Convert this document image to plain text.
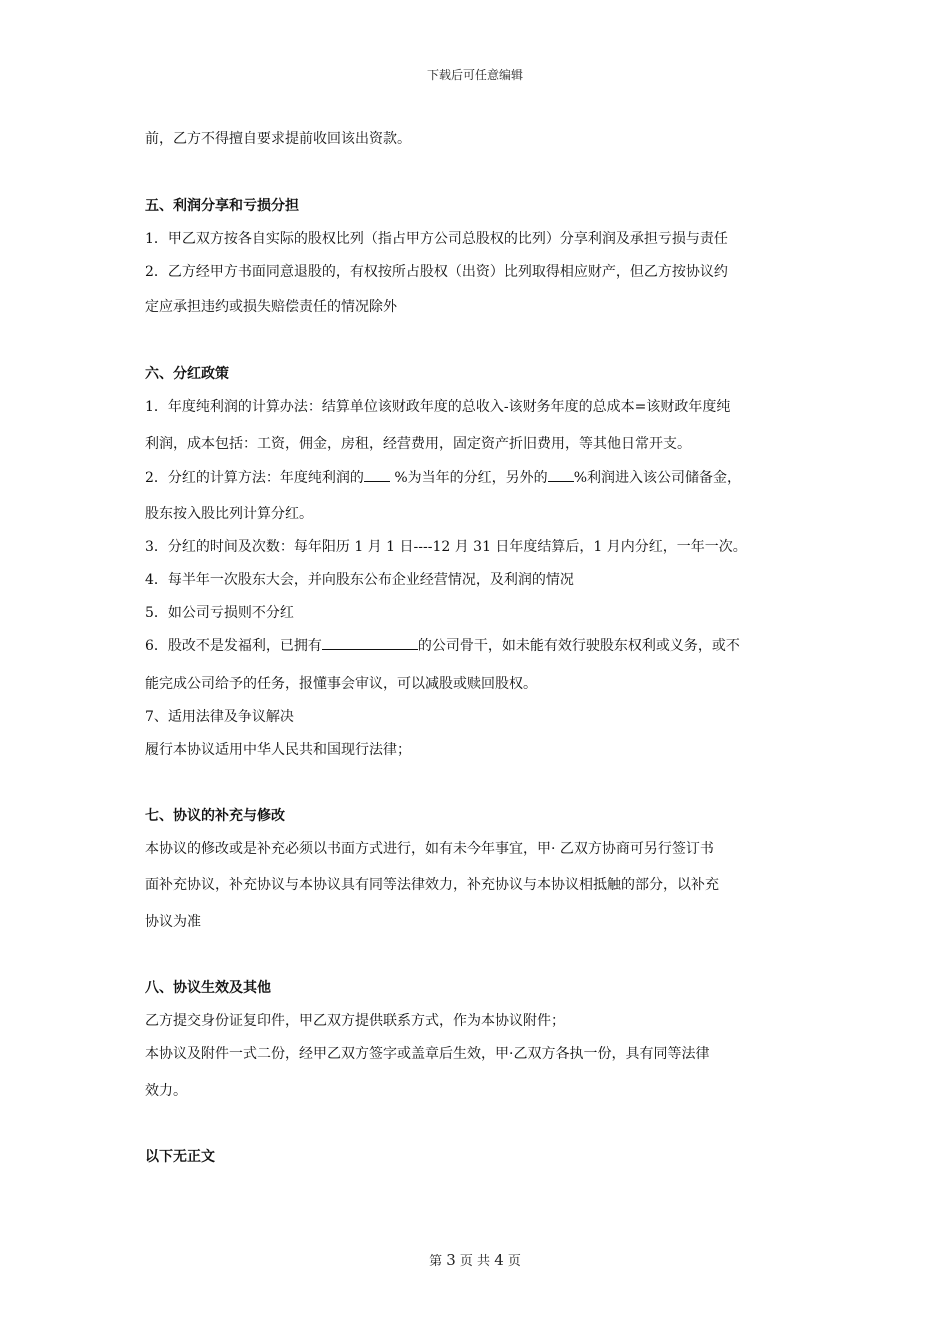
下载后可任意编辑
前，乙方不得擅自要求提前收回该出资款。
五、利润分享和亏损分担
1．甲乙双方按各自实际的股权比列（指占甲方公司总股权的比列）分享利润及承担亏损与责任
2．乙方经甲方书面同意退股的，有权按所占股权（出资）比列取得相应财产，但乙方按协议约
定应承担违约或损失赔偿责任的情况除外
六、分红政策
1．年度纯利润的计算办法：结算单位该财政年度的总收入-该财务年度的总成本=该财政年度纯
利润，成本包括：工资，佣金，房租，经营费用，固定资产折旧费用，等其他日常开支。
2．分红的计算方法：年度纯利润的 %为当年的分红，另外的 %利润进入该公司储备金，
股东按入股比列计算分红。
3．分红的时间及次数：每年阳历 1 月 1 日----12 月 31 日年度结算后，1 月内分红，一年一次。
4．每半年一次股东大会，并向股东公布企业经营情况，及利润的情况
5．如公司亏损则不分红
6．股改不是发福利，已拥有	的公司骨干，如未能有效行驶股东权利或义务，或不
能完成公司给予的任务，报懂事会审议，可以减股或赎回股权。
7、适用法律及争议解决
履行本协议适用中华人民共和国现行法律；
七、协议的补充与修改
本协议的修改或是补充必须以书面方式进行，如有未今年事宜，甲· 乙双方协商可另行签订书
面补充协议，补充协议与本协议具有同等法律效力，补充协议与本协议相抵触的部分，以补充
协议为准
八、协议生效及其他
乙方提交身份证复印件，甲乙双方提供联系方式，作为本协议附件；
本协议及附件一式二份，经甲乙双方签字或盖章后生效，甲·乙双方各执一份，具有同等法律
效力。
以下无正文
第 3 页 共 4 页
